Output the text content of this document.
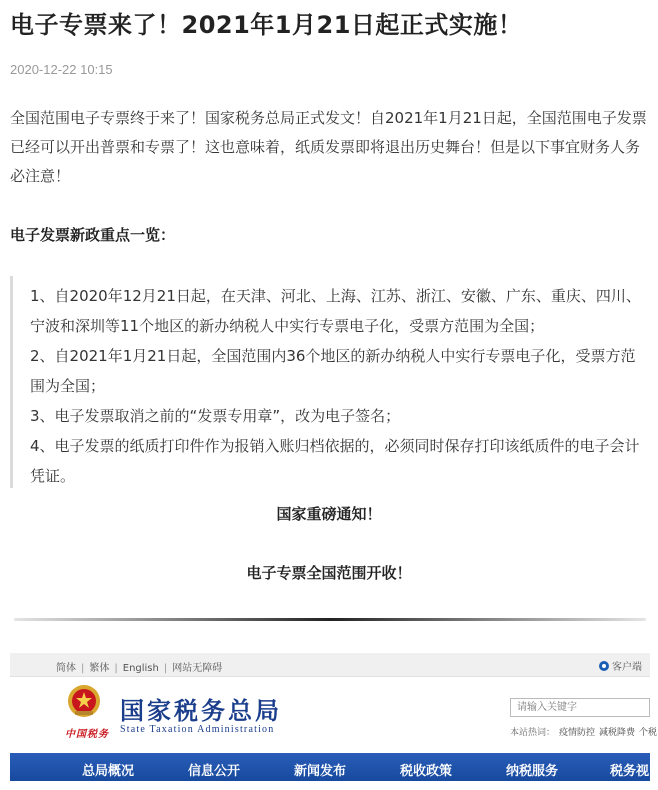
电子专票来了！2021年1月21日起正式实施！
2020-12-22 10:15
全国范围电子专票终于来了！国家税务总局正式发文！自2021年1月21日起，全国范围电子发票已经可以开出普票和专票了！这也意味着，纸质发票即将退出历史舞台！但是以下事宜财务人务必注意！
电子发票新政重点一览：

1、自2020年12月21日起，在天津、河北、上海、江苏、浙江、安徽、广东、重庆、四川、宁波和深圳等11个地区的新办纳税人中实行专票电子化，受票方范围为全国；

2、自2021年1月21日起，全国范围内36个地区的新办纳税人中实行专票电子化，受票方范围为全国；

3、电子发票取消之前的“发票专用章”，改为电子签名；

4、电子发票的纸质打印件作为报销入账归档依据的，必须同时保存打印该纸质件的电子会计凭证。

国家重磅通知！
电子专票全国范围开收！
简体 | 繁体 | English | 网站无障碍	客户端
中国税务
国家税务总局
State Taxation Administration
请输入关键字	本站热词： 疫情防控 减税降费 个税
总局概况	信息公开	新闻发布	税收政策	纳税服务	税务视
